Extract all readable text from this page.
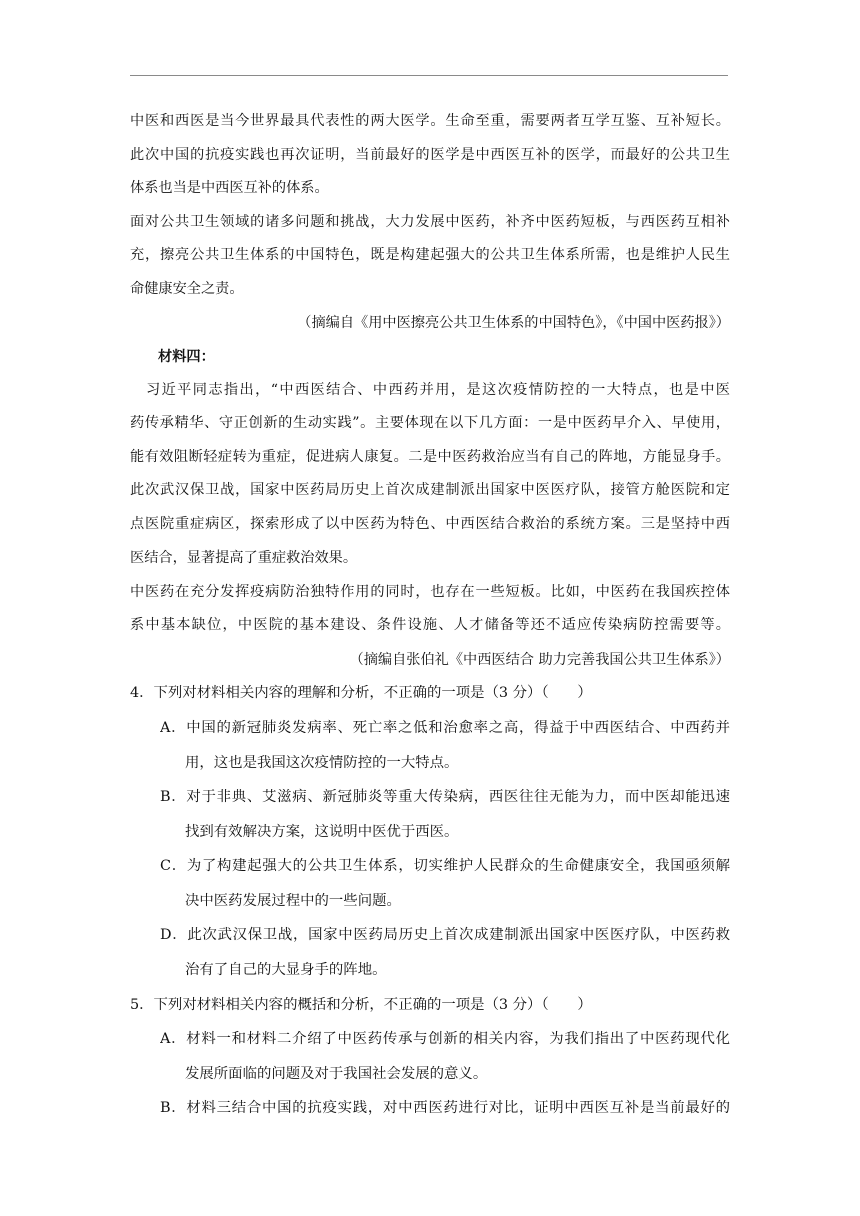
中医和西医是当今世界最具代表性的两大医学。生命至重，需要两者互学互鉴、互补短长。
此次中国的抗疫实践也再次证明，当前最好的医学是中西医互补的医学，而最好的公共卫生
体系也当是中西医互补的体系。
面对公共卫生领域的诸多问题和挑战，大力发展中医药，补齐中医药短板，与西医药互相补
充，擦亮公共卫生体系的中国特色，既是构建起强大的公共卫生体系所需，也是维护人民生
命健康安全之责。
（摘编自《用中医擦亮公共卫生体系的中国特色》，《中国中医药报》）
材料四：
习近平同志指出，“中西医结合、中西药并用，是这次疫情防控的一大特点，也是中医
药传承精华、守正创新的生动实践”。主要体现在以下几方面：一是中医药早介入、早使用，
能有效阻断轻症转为重症，促进病人康复。二是中医药救治应当有自己的阵地，方能显身手。
此次武汉保卫战，国家中医药局历史上首次成建制派出国家中医医疗队，接管方舱医院和定
点医院重症病区，探索形成了以中医药为特色、中西医结合救治的系统方案。三是坚持中西
医结合，显著提高了重症救治效果。
中医药在充分发挥疫病防治独特作用的同时，也存在一些短板。比如，中医药在我国疾控体
系中基本缺位，中医院的基本建设、条件设施、人才储备等还不适应传染病防控需要等。
（摘编自张伯礼《中西医结合 助力完善我国公共卫生体系》）
4．下列对材料相关内容的理解和分析，不正确的一项是（3 分）（　　）
A．中国的新冠肺炎发病率、死亡率之低和治愈率之高，得益于中西医结合、中西药并
用，这也是我国这次疫情防控的一大特点。
B．对于非典、艾滋病、新冠肺炎等重大传染病，西医往往无能为力，而中医却能迅速
找到有效解决方案，这说明中医优于西医。
C．为了构建起强大的公共卫生体系，切实维护人民群众的生命健康安全，我国亟须解
决中医药发展过程中的一些问题。
D．此次武汉保卫战，国家中医药局历史上首次成建制派出国家中医医疗队，中医药救
治有了自己的大显身手的阵地。
5．下列对材料相关内容的概括和分析，不正确的一项是（3 分）（　　）
A．材料一和材料二介绍了中医药传承与创新的相关内容，为我们指出了中医药现代化
发展所面临的问题及对于我国社会发展的意义。
B．材料三结合中国的抗疫实践，对中西医药进行对比，证明中西医互补是当前最好的
